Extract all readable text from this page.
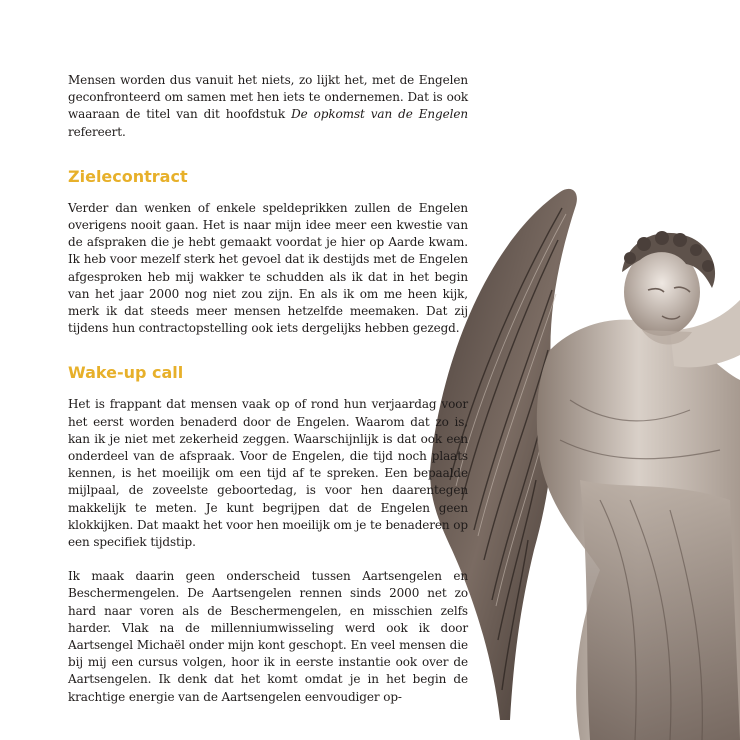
Mensen worden dus vanuit het niets, zo lijkt het, met de Engelen geconfronteerd om samen met hen iets te ondernemen. Dat is ook waaraan de titel van dit hoofdstuk De opkomst van de Engelen refereert.

Zielecontract

Verder dan wenken of enkele speldeprikken zullen de Engelen overigens nooit gaan. Het is naar mijn idee meer een kwestie van de afspraken die je hebt gemaakt voordat je hier op Aarde kwam. Ik heb voor mezelf sterk het gevoel dat ik destijds met de Engelen afgesproken heb mij wakker te schudden als ik dat in het begin van het jaar 2000 nog niet zou zijn. En als ik om me heen kijk, merk ik dat steeds meer mensen hetzelfde meemaken. Dat zij tijdens hun contractopstelling ook iets dergelijks hebben gezegd.

Wake-up call

Het is frappant dat mensen vaak op of rond hun verjaardag voor het eerst worden benaderd door de Engelen. Waarom dat zo is, kan ik je niet met zekerheid zeggen. Waarschijnlijk is dat ook een onderdeel van de afspraak. Voor de Engelen, die tijd noch plaats kennen, is het moeilijk om een tijd af te spreken. Een bepaalde mijlpaal, de zoveelste geboortedag, is voor hen daarentegen makkelijk te meten. Je kunt begrijpen dat de Engelen geen klokkijken. Dat maakt het voor hen moeilijk om je te benaderen op een specifiek tijdstip.

Ik maak daarin geen onderscheid tussen Aartsengelen en Beschermengelen. De Aartsengelen rennen sinds 2000 net zo hard naar voren als de Beschermengelen, en misschien zelfs harder. Vlak na de millenniumwisseling werd ook ik door Aartsengel Michaël onder mijn kont geschopt. En veel mensen die bij mij een cursus volgen, hoor ik in eerste instantie ook over de Aartsengelen. Ik denk dat het komt omdat je in het begin de krachtige energie van de Aartsengelen eenvoudiger op-
